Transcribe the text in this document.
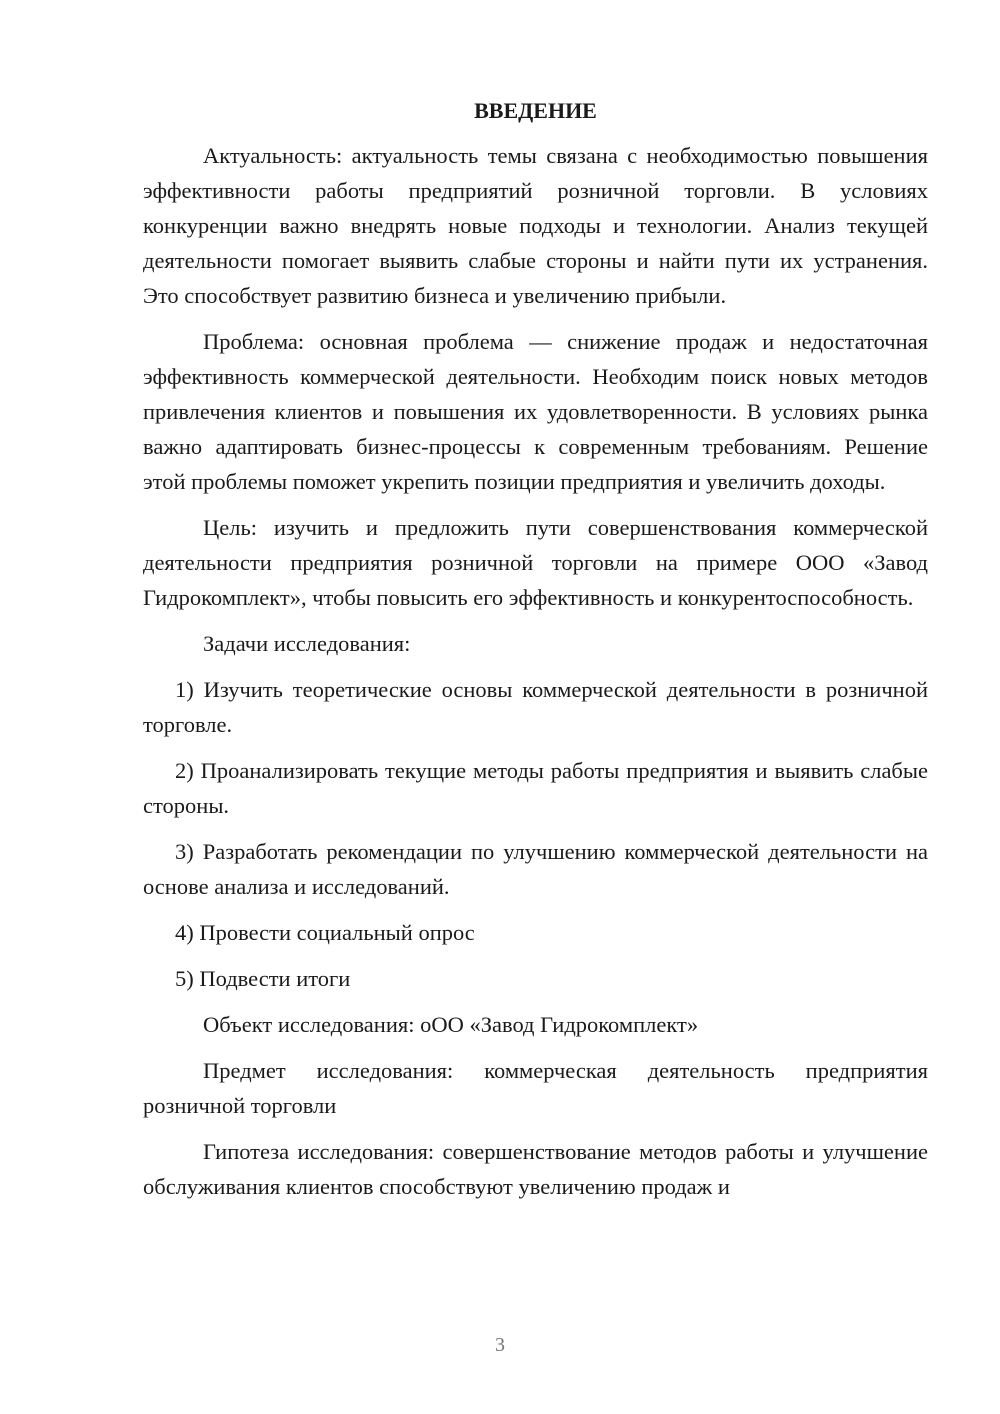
ВВЕДЕНИЕ
Актуальность: актуальность темы связана с необходимостью повышения эффективности работы предприятий розничной торговли. В условиях конкуренции важно внедрять новые подходы и технологии. Анализ текущей деятельности помогает выявить слабые стороны и найти пути их устранения. Это способствует развитию бизнеса и увеличению прибыли.
Проблема: основная проблема — снижение продаж и недостаточная эффективность коммерческой деятельности. Необходим поиск новых методов привлечения клиентов и повышения их удовлетворенности. В условиях рынка важно адаптировать бизнес-процессы к современным требованиям. Решение этой проблемы поможет укрепить позиции предприятия и увеличить доходы.
Цель: изучить и предложить пути совершенствования коммерческой деятельности предприятия розничной торговли на примере ООО «Завод Гидрокомплект», чтобы повысить его эффективность и конкурентоспособность.
Задачи исследования:
1) Изучить теоретические основы коммерческой деятельности в розничной торговле.
2) Проанализировать текущие методы работы предприятия и выявить слабые стороны.
3) Разработать рекомендации по улучшению коммерческой деятельности на основе анализа и исследований.
4) Провести социальный опрос
5) Подвести итоги
Объект исследования: оОО «Завод Гидрокомплект»
Предмет исследования: коммерческая деятельность предприятия розничной торговли
Гипотеза исследования: совершенствование методов работы и улучшение обслуживания клиентов способствуют увеличению продаж и
3
